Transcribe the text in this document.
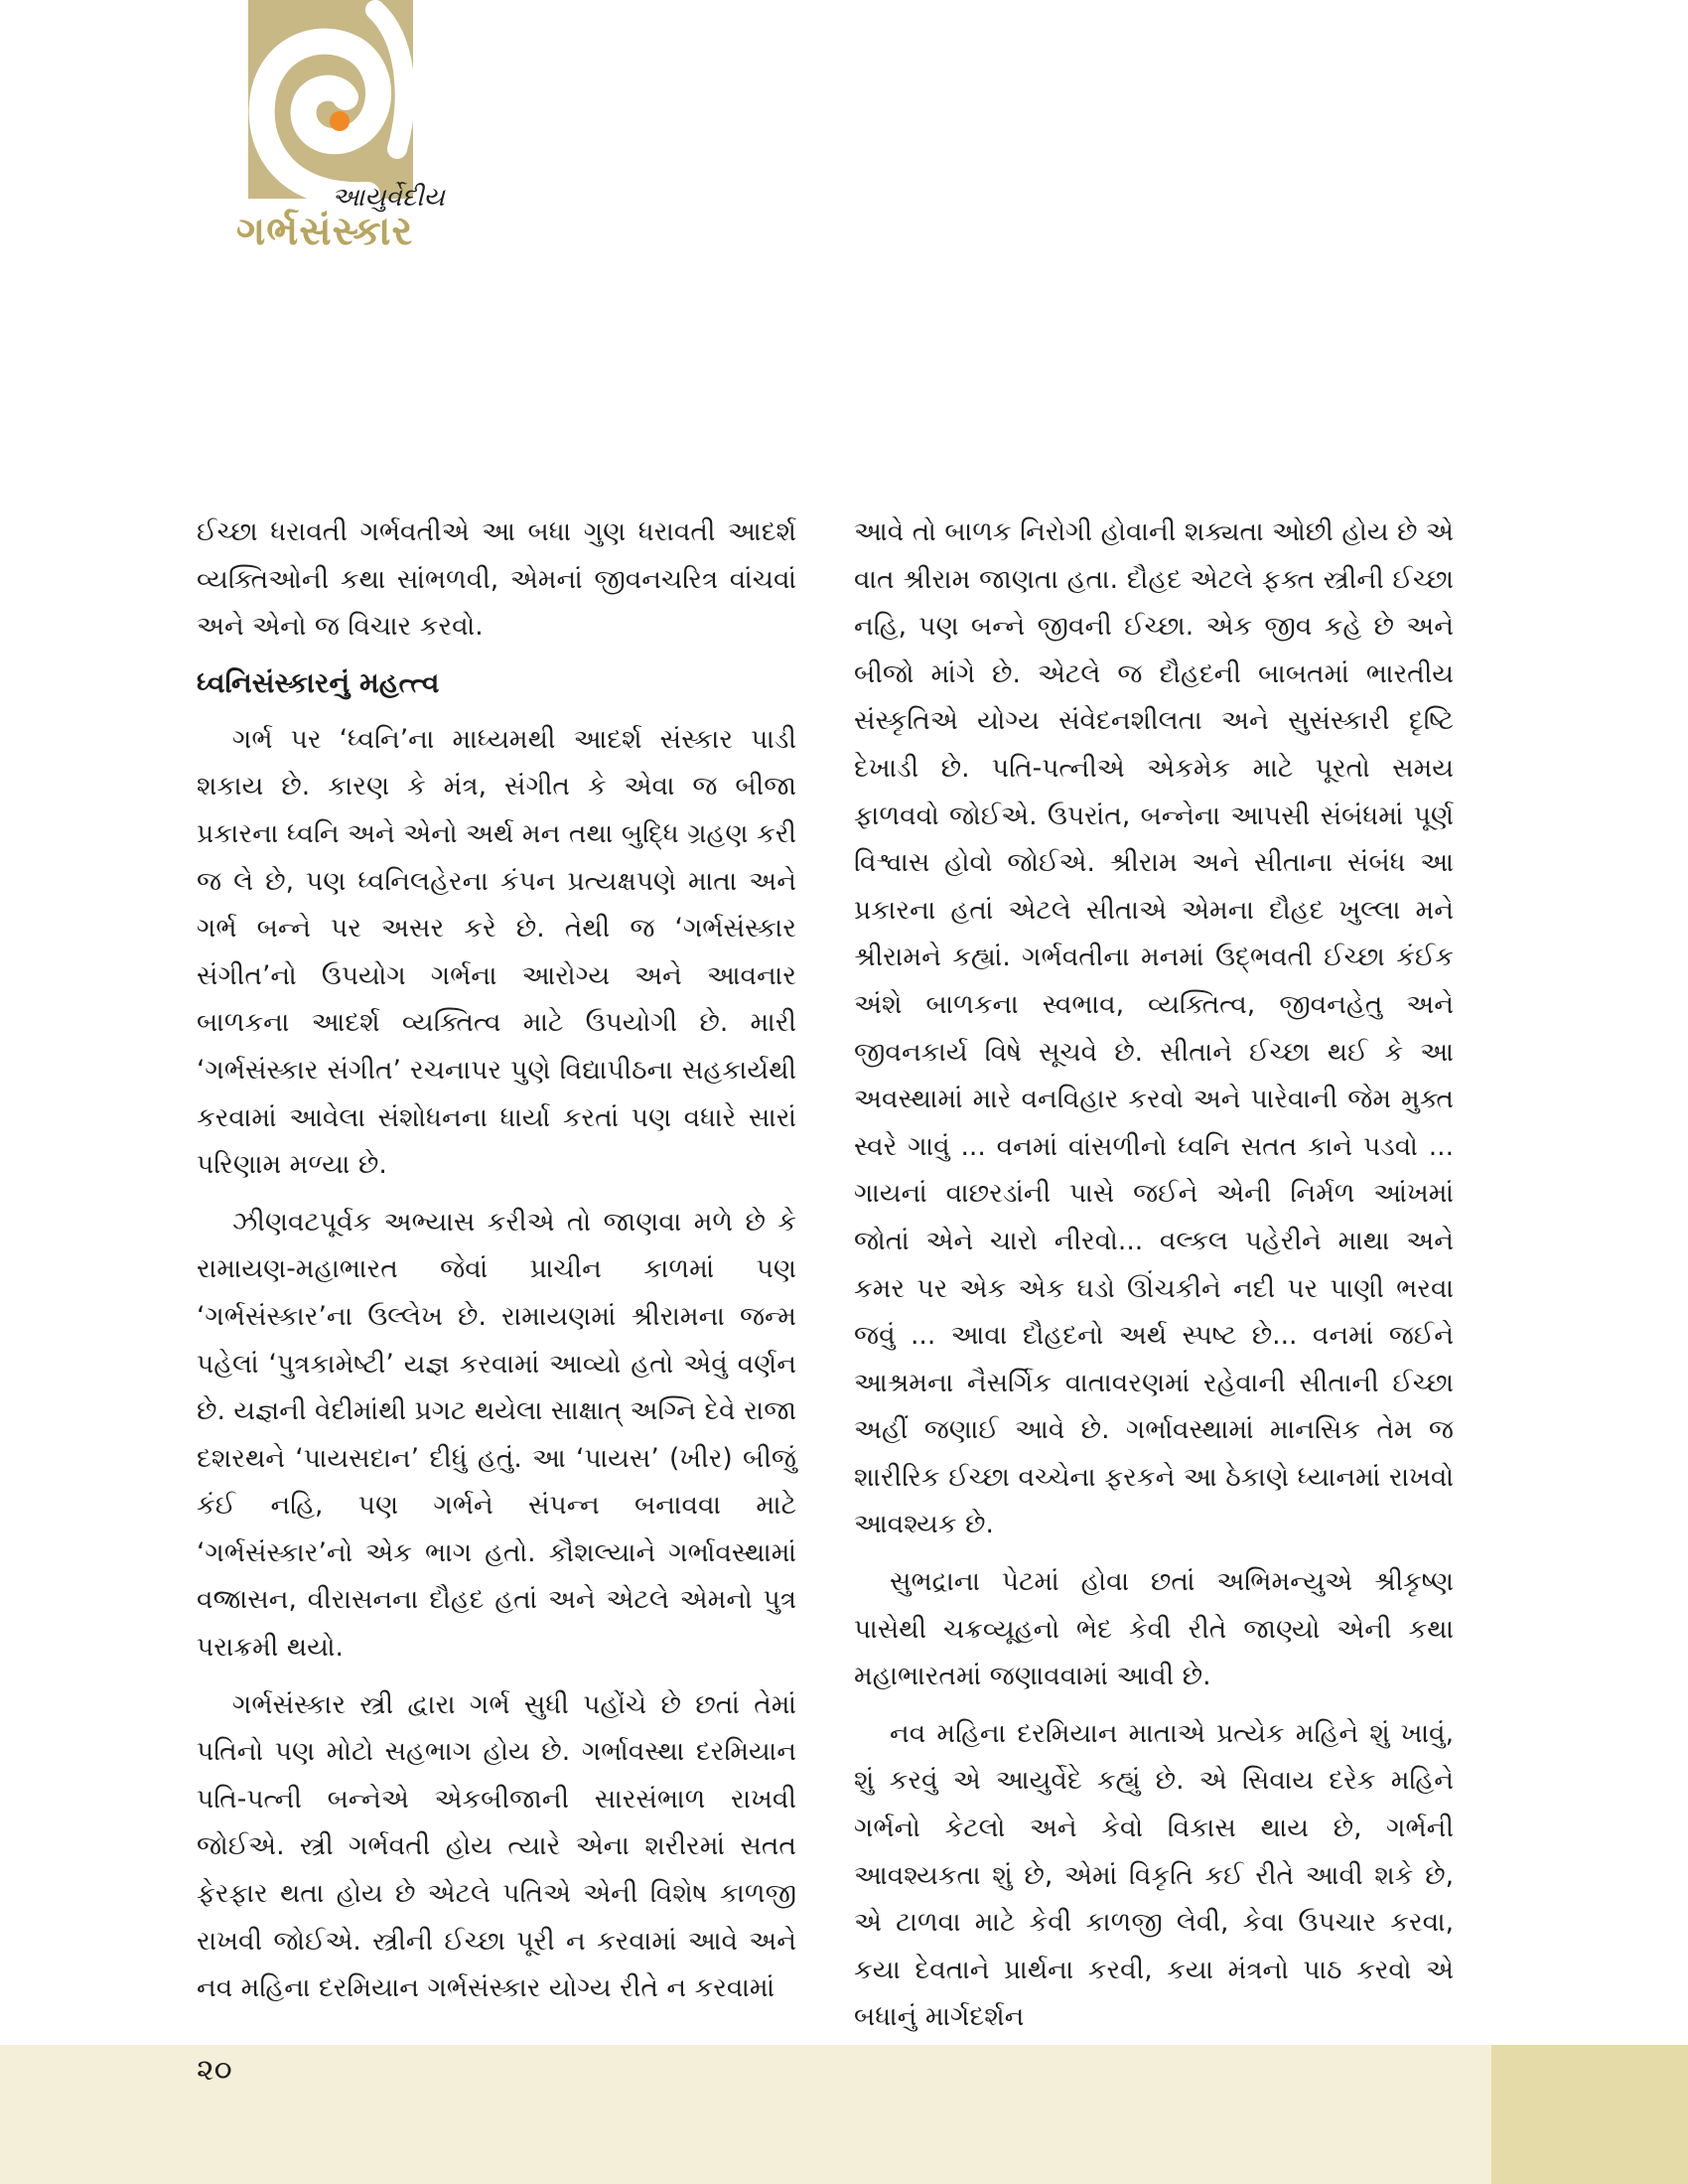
આયુર્વેદીય
ગર્ભસંસ્કાર

ઈચ્છા ધરાવતી ગર્ભવતીએ આ બધા ગુણ ધરાવતી આદર્શ વ્યક્તિઓની કથા સાંભળવી, એમનાં જીવનચરિત્ર વાંચવાં અને એનો જ વિચાર કરવો.

ધ્વનિસંસ્કારનું મહત્ત્વ

ગર્ભ પર ‘ધ્વનિ’ના માધ્યમથી આદર્શ સંસ્કાર પાડી શકાય છે. કારણ કે મંત્ર, સંગીત કે એવા જ બીજા પ્રકારના ધ્વનિ અને એનો અર્થ મન તથા બુદ્ધિ ગ્રહણ કરી જ લે છે, પણ ધ્વનિલહેરના કંપન પ્રત્યક્ષપણે માતા અને ગર્ભ બન્ને પર અસર કરે છે. તેથી જ ‘ગર્ભસંસ્કાર સંગીત’નો ઉપયોગ ગર્ભના આરોગ્ય અને આવનાર બાળકના આદર્શ વ્યક્તિત્વ માટે ઉપયોગી છે. મારી ‘ગર્ભસંસ્કાર સંગીત’ રચનાપર પુણે વિદ્યાપીઠના સહકાર્યથી કરવામાં આવેલા સંશોધનના ધાર્યા કરતાં પણ વધારે સારાં પરિણામ મળ્યા છે.

ઝીણવટપૂર્વક અભ્યાસ કરીએ તો જાણવા મળે છે કે રામાયણ-મહાભારત જેવાં પ્રાચીન કાળમાં પણ ‘ગર્ભસંસ્કાર’ના ઉલ્લેખ છે. રામાયણમાં શ્રીરામના જન્મ પહેલાં ‘પુત્રકામેષ્ટી’ યજ્ઞ કરવામાં આવ્યો હતો એવું વર્ણન છે. યજ્ઞની વેદીમાંથી પ્રગટ થયેલા સાક્ષાત્ અગ્નિ દેવે રાજા દશરથને ‘પાયસદાન’ દીધું હતું. આ ‘પાયસ’ (ખીર) બીજું કંઈ નહિ, પણ ગર્ભને સંપન્ન બનાવવા માટે ‘ગર્ભસંસ્કાર’નો એક ભાગ હતો. કૌશલ્યાને ગર્ભાવસ્થામાં વજ્રાસન, વીરાસનના દૌહદ હતાં અને એટલે એમનો પુત્ર પરાક્રમી થયો.

ગર્ભસંસ્કાર સ્ત્રી દ્વારા ગર્ભ સુધી પહોંચે છે છતાં તેમાં પતિનો પણ મોટો સહભાગ હોય છે. ગર્ભાવસ્થા દરમિયાન પતિ-પત્ની બન્નેએ એકબીજાની સારસંભાળ રાખવી જોઈએ. સ્ત્રી ગર્ભવતી હોય ત્યારે એના શરીરમાં સતત ફેરફાર થતા હોય છે એટલે પતિએ એની વિશેષ કાળજી રાખવી જોઈએ. સ્ત્રીની ઈચ્છા પૂરી ન કરવામાં આવે અને નવ મહિના દરમિયાન ગર્ભસંસ્કાર યોગ્ય રીતે ન કરવામાં

આવે તો બાળક નિરોગી હોવાની શક્યતા ઓછી હોય છે એ વાત શ્રીરામ જાણતા હતા. દૌહદ એટલે ફક્ત સ્ત્રીની ઈચ્છા નહિ, પણ બન્ને જીવની ઈચ્છા. એક જીવ કહે છે અને બીજો માંગે છે. એટલે જ દૌહદની બાબતમાં ભારતીય સંસ્કૃતિએ યોગ્ય સંવેદનશીલતા અને સુસંસ્કારી દૃષ્ટિ દેખાડી છે. પતિ-પત્નીએ એકમેક માટે પૂરતો સમય ફાળવવો જોઈએ. ઉપરાંત, બન્નેના આપસી સંબંધમાં પૂર્ણ વિશ્વાસ હોવો જોઈએ. શ્રીરામ અને સીતાના સંબંધ આ પ્રકારના હતાં એટલે સીતાએ એમના દૌહદ ખુલ્લા મને શ્રીરામને કહ્યાં. ગર્ભવતીના મનમાં ઉદ્ભવતી ઈચ્છા કંઈક અંશે બાળકના સ્વભાવ, વ્યક્તિત્વ, જીવનહેતુ અને જીવનકાર્ય વિષે સૂચવે છે. સીતાને ઈચ્છા થઈ કે આ અવસ્થામાં મારે વનવિહાર કરવો અને પારેવાની જેમ મુક્ત સ્વરે ગાવું ... વનમાં વાંસળીનો ધ્વનિ સતત કાને પડવો ... ગાયનાં વાછરડાંની પાસે જઈને એની નિર્મળ આંખમાં જોતાં એને ચારો નીરવો... વલ્કલ પહેરીને માથા અને કમર પર એક એક ઘડો ઊંચકીને નદી પર પાણી ભરવા જવું ... આવા દૌહદનો અર્થ સ્પષ્ટ છે... વનમાં જઈને આશ્રમના નૈસર્ગિક વાતાવરણમાં રહેવાની સીતાની ઈચ્છા અહીં જણાઈ આવે છે. ગર્ભાવસ્થામાં માનસિક તેમ જ શારીરિક ઈચ્છા વચ્ચેના ફરકને આ ઠેકાણે ધ્યાનમાં રાખવો આવશ્યક છે.

સુભદ્રાના પેટમાં હોવા છતાં અભિમન્યુએ શ્રીકૃષ્ણ પાસેથી ચક્રવ્યૂહનો ભેદ કેવી રીતે જાણ્યો એની કથા મહાભારતમાં જણાવવામાં આવી છે.

નવ મહિના દરમિયાન માતાએ પ્રત્યેક મહિને શું ખાવું, શું કરવું એ આયુર્વેદે કહ્યું છે. એ સિવાય દરેક મહિને ગર્ભનો કેટલો અને કેવો વિકાસ થાય છે, ગર્ભની આવશ્યકતા શું છે, એમાં વિકૃતિ કઈ રીતે આવી શકે છે, એ ટાળવા માટે કેવી કાળજી લેવી, કેવા ઉપચાર કરવા, કયા દેવતાને પ્રાર્થના કરવી, કયા મંત્રનો પાઠ કરવો એ બધાનું માર્ગદર્શન

૨૦
